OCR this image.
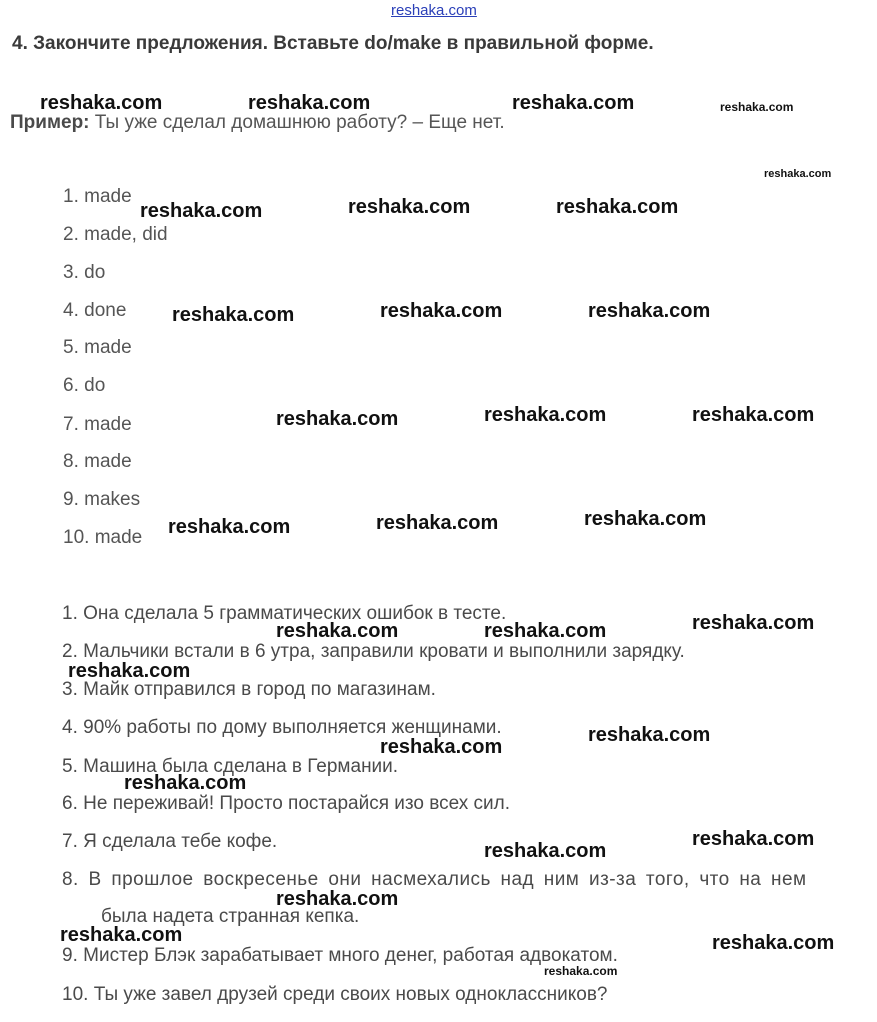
reshaka.com
4. Закончите предложения. Вставьте do/make в правильной форме.
Пример: Ты уже сделал домашнюю работу? – Еще нет.
1. made
2. made, did
3. do
4. done
5. made
6. do
7. made
8. made
9. makes
10. made
1. Она сделала 5 грамматических ошибок в тесте.
2. Мальчики встали в 6 утра, заправили кровати и выполнили зарядку.
3. Майк отправился в город по магазинам.
4. 90% работы по дому выполняется женщинами.
5. Машина была сделана в Германии.
6. Не переживай! Просто постарайся изо всех сил.
7. Я сделала тебе кофе.
8. В прошлое воскресенье они насмехались над ним из-за того, что на нем
была надета странная кепка.
9. Мистер Блэк зарабатывает много денег, работая адвокатом.
10. Ты уже завел друзей среди своих новых одноклассников?
reshaka.com	reshaka.com	reshaka.com	reshaka.com
reshaka.com
reshaka.com	reshaka.com	reshaka.com
reshaka.com	reshaka.com	reshaka.com
reshaka.com	reshaka.com	reshaka.com
reshaka.com	reshaka.com	reshaka.com
reshaka.com	reshaka.com	reshaka.com
reshaka.com
reshaka.com
reshaka.com
reshaka.com
reshaka.com
reshaka.com
reshaka.com
reshaka.com	reshaka.com
reshaka.com
